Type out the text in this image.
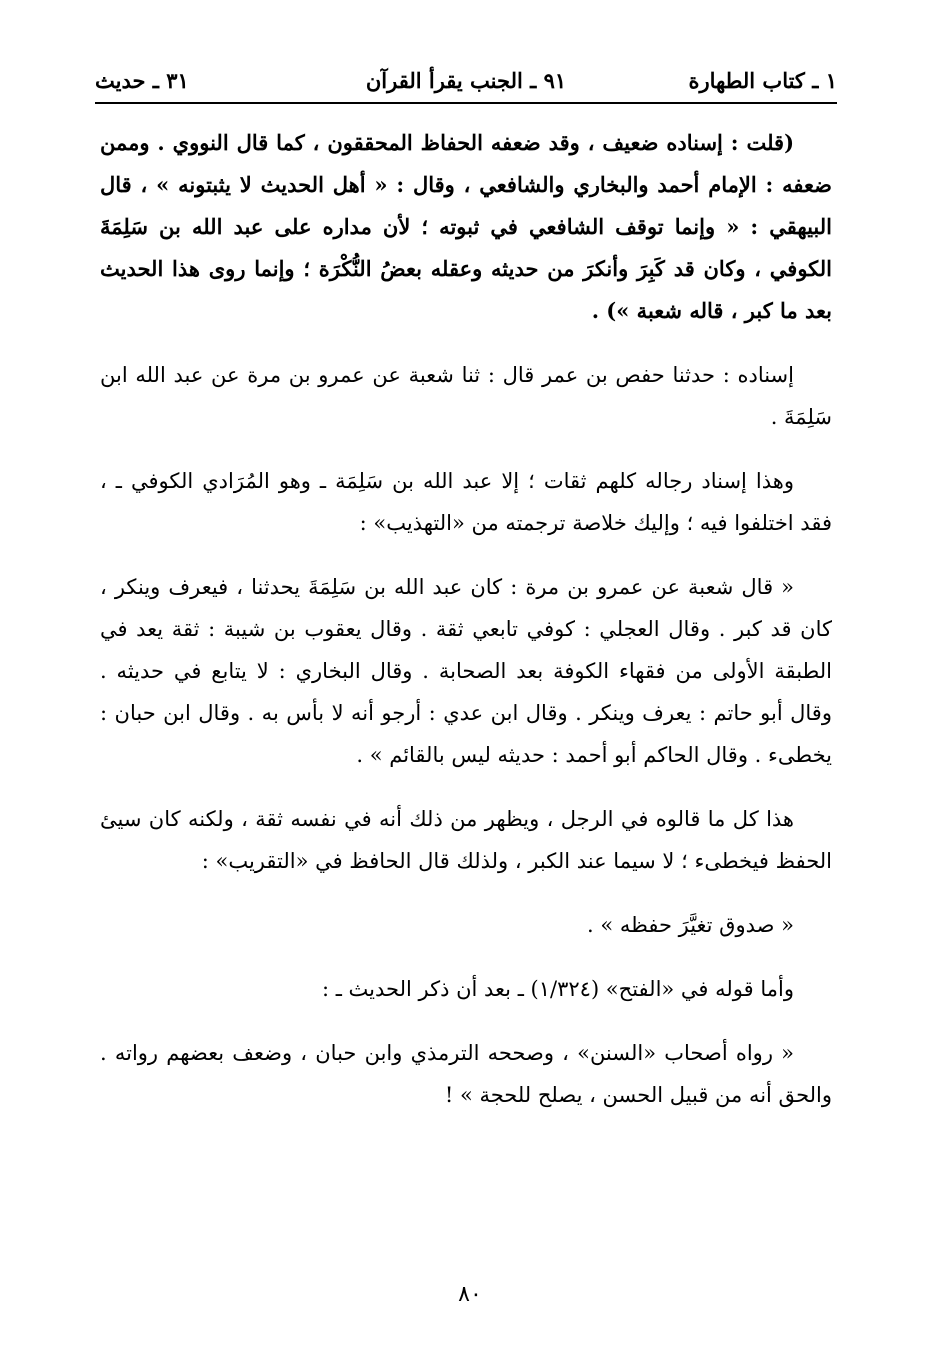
١ ـ كتاب الطهارة
٩١ ـ الجنب يقرأ القرآن
٣١ ـ حديث

(قلت : إسناده ضعيف ، وقد ضعفه الحفاظ المحققون ، كما قال النووي . وممن ضعفه : الإمام أحمد والبخاري والشافعي ، وقال : « أهل الحديث لا يثبتونه » ، قال البيهقي : « وإنما توقف الشافعي في ثبوته ؛ لأن مداره على عبد الله بن سَلِمَةَ الكوفي ، وكان قد كَبِرَ وأنكرَ من حديثه وعقله بعضُ النُّكْرَة ؛ وإنما روى هذا الحديث بعد ما كبر ، قاله شعبة ») .

إسناده : حدثنا حفص بن عمر قال : ثنا شعبة عن عمرو بن مرة عن عبد الله ابن سَلِمَةَ .

وهذا إسناد رجاله كلهم ثقات ؛ إلا عبد الله بن سَلِمَة ـ وهو المُرَادي الكوفي ـ ، فقد اختلفوا فيه ؛ وإليك خلاصة ترجمته من «التهذيب» :

« قال شعبة عن عمرو بن مرة : كان عبد الله بن سَلِمَةَ يحدثنا ، فيعرف وينكر ، كان قد كبر . وقال العجلي : كوفي تابعي ثقة . وقال يعقوب بن شيبة : ثقة يعد في الطبقة الأولى من فقهاء الكوفة بعد الصحابة . وقال البخاري : لا يتابع في حديثه . وقال أبو حاتم : يعرف وينكر . وقال ابن عدي : أرجو أنه لا بأس به . وقال ابن حبان : يخطىء . وقال الحاكم أبو أحمد : حديثه ليس بالقائم » .

هذا كل ما قالوه في الرجل ، ويظهر من ذلك أنه في نفسه ثقة ، ولكنه كان سيئ الحفظ فيخطىء ؛ لا سيما عند الكبر ، ولذلك قال الحافظ في «التقريب» :

« صدوق تغيَّرَ حفظه » .

وأما قوله في «الفتح» (١/٣٢٤) ـ بعد أن ذكر الحديث ـ :

« رواه أصحاب «السنن» ، وصححه الترمذي وابن حبان ، وضعف بعضهم رواته . والحق أنه من قبيل الحسن ، يصلح للحجة » !

٨٠
